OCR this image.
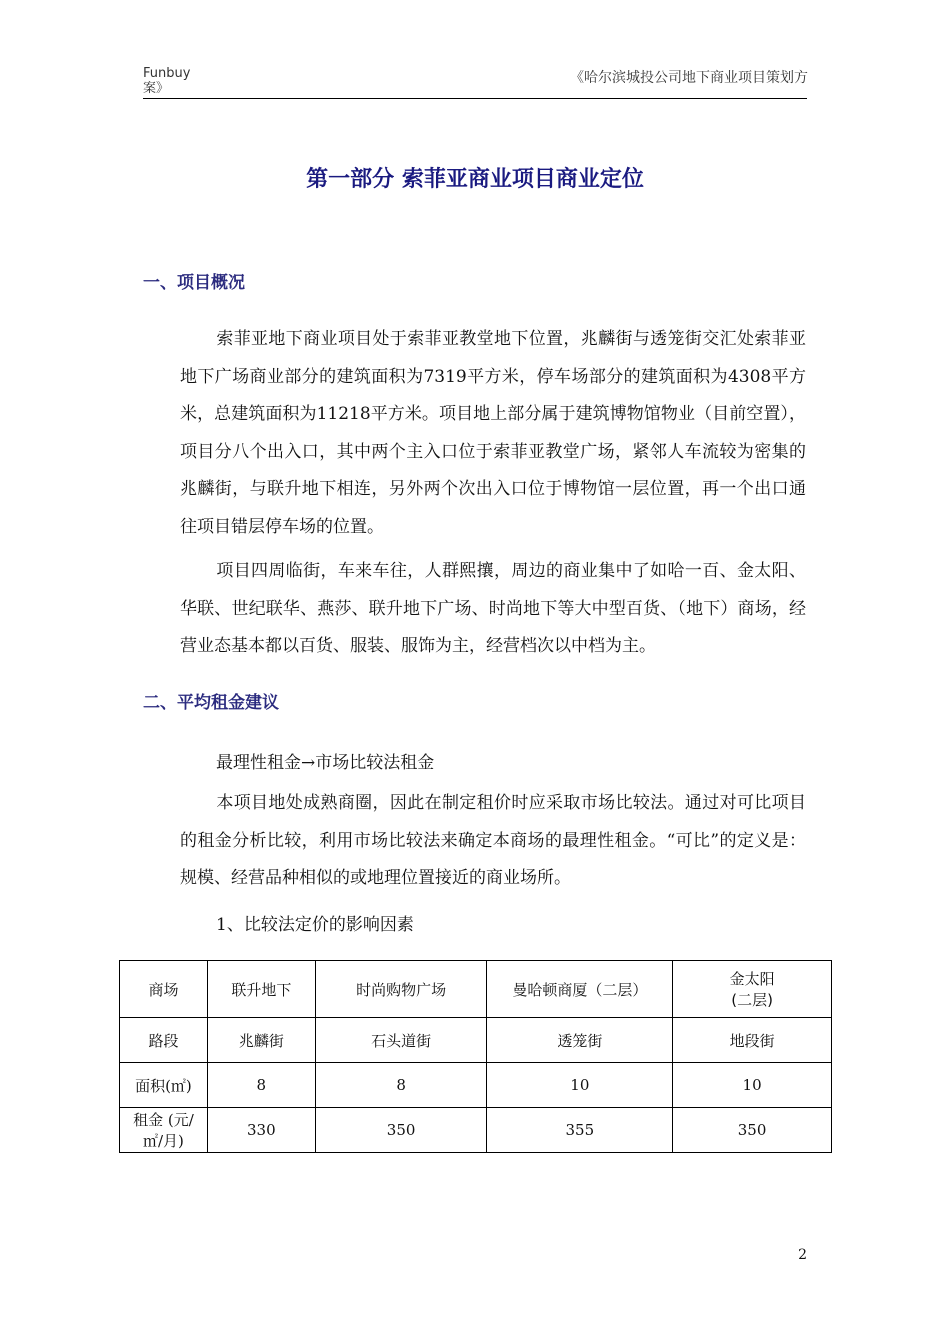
Funbuy
案》
《哈尔滨城投公司地下商业项目策划方
第一部分 索菲亚商业项目商业定位
一、项目概况

索菲亚地下商业项目处于索菲亚教堂地下位置，兆麟街与透笼街交汇处索菲亚地下广场商业部分的建筑面积为7319平方米，停车场部分的建筑面积为4308平方米，总建筑面积为11218平方米。项目地上部分属于建筑博物馆物业（目前空置），项目分八个出入口，其中两个主入口位于索菲亚教堂广场，紧邻人车流较为密集的兆麟街，与联升地下相连，另外两个次出入口位于博物馆一层位置，再一个出口通往项目错层停车场的位置。

项目四周临街，车来车往，人群熙攘，周边的商业集中了如哈一百、金太阳、华联、世纪联华、燕莎、联升地下广场、时尚地下等大中型百货、（地下）商场，经营业态基本都以百货、服装、服饰为主，经营档次以中档为主。

二、平均租金建议
最理性租金→市场比较法租金

本项目地处成熟商圈，因此在制定租价时应采取市场比较法。通过对可比项目的租金分析比较，利用市场比较法来确定本商场的最理性租金。“可比”的定义是：规模、经营品种相似的或地理位置接近的商业场所。

1、比较法定价的影响因素
商场	联升地下	时尚购物广场	曼哈顿商厦（二层）	金太阳
(二层)

路段	兆麟街	石头道街	透笼街	地段街
面积(㎡)	8	8	10	10

租金 (元/
㎡/月)	330	350	355	350
2
